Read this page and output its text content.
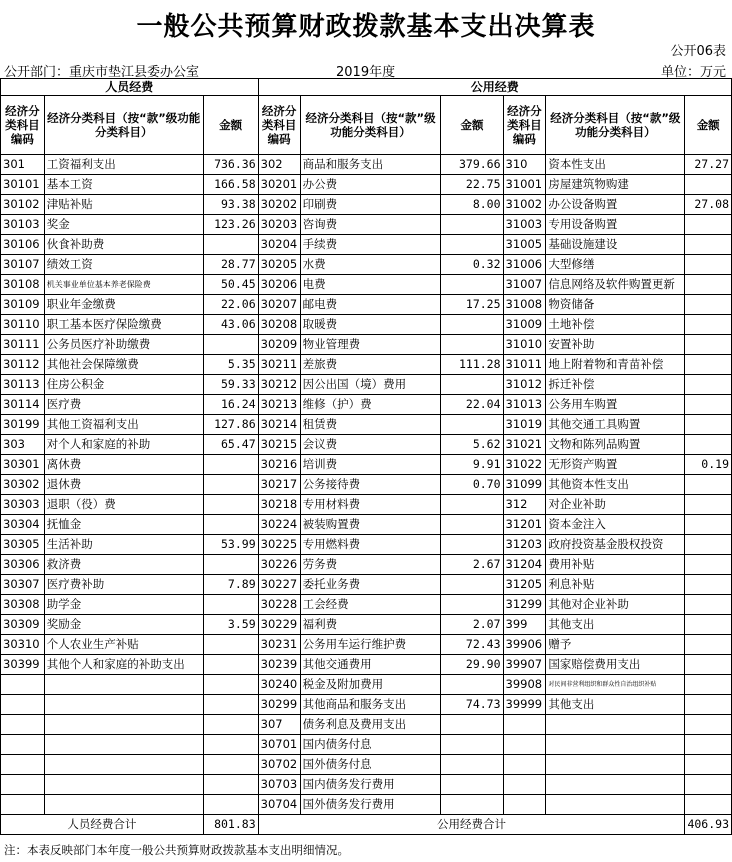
一般公共预算财政拨款基本支出决算表
公开06表
公开部门：重庆市垫江县委办公室	2019年度	单位：万元
人员经费			公用经费					
经济分类科目编码	经济分类科目（按“款”级功能分类科目）	金额	经济分类科目编码	经济分类科目（按“款”级功能分类科目）	金额	经济分类科目编码	经济分类科目（按“款”级功能分类科目）	金额
301	工资福利支出	736.36	302	商品和服务支出	379.66	310	资本性支出	27.27
30101	基本工资	166.58	30201	办公费	22.75	31001	房屋建筑物购建	
30102	津贴补贴	93.38	30202	印刷费	8.00	31002	办公设备购置	27.08
30103	奖金	123.26	30203	咨询费		31003	专用设备购置	
30106	伙食补助费		30204	手续费		31005	基础设施建设	
30107	绩效工资	28.77	30205	水费	0.32	31006	大型修缮	
30108	机关事业单位基本养老保险费	50.45	30206	电费		31007	信息网络及软件购置更新	
30109	职业年金缴费	22.06	30207	邮电费	17.25	31008	物资储备	
30110	职工基本医疗保险缴费	43.06	30208	取暖费		31009	土地补偿	
30111	公务员医疗补助缴费		30209	物业管理费		31010	安置补助	
30112	其他社会保障缴费	5.35	30211	差旅费	111.28	31011	地上附着物和青苗补偿	
30113	住房公积金	59.33	30212	因公出国（境）费用		31012	拆迁补偿	
30114	医疗费	16.24	30213	维修（护）费	22.04	31013	公务用车购置	
30199	其他工资福利支出	127.86	30214	租赁费		31019	其他交通工具购置	
303	对个人和家庭的补助	65.47	30215	会议费	5.62	31021	文物和陈列品购置	
30301	离休费		30216	培训费	9.91	31022	无形资产购置	0.19
30302	退休费		30217	公务接待费	0.70	31099	其他资本性支出	
30303	退职（役）费		30218	专用材料费		312	对企业补助	
30304	抚恤金		30224	被装购置费		31201	资本金注入	
30305	生活补助	53.99	30225	专用燃料费		31203	政府投资基金股权投资	
30306	救济费		30226	劳务费	2.67	31204	费用补贴	
30307	医疗费补助	7.89	30227	委托业务费		31205	利息补贴	
30308	助学金		30228	工会经费		31299	其他对企业补助	
30309	奖励金	3.59	30229	福利费	2.07	399	其他支出	
30310	个人农业生产补贴		30231	公务用车运行维护费	72.43	39906	赠予	
30399	其他个人和家庭的补助支出		30239	其他交通费用	29.90	39907	国家赔偿费用支出	
			30240	税金及附加费用		39908	对民间非营利组织和群众性自治组织补贴	
			30299	其他商品和服务支出	74.73	39999	其他支出	
			307	债务利息及费用支出				
			30701	国内债务付息				
			30702	国外债务付息				
			30703	国内债务发行费用				
			30704	国外债务发行费用				
人员经费合计		801.83	公用经费合计					406.93
注：本表反映部门本年度一般公共预算财政拨款基本支出明细情况。
